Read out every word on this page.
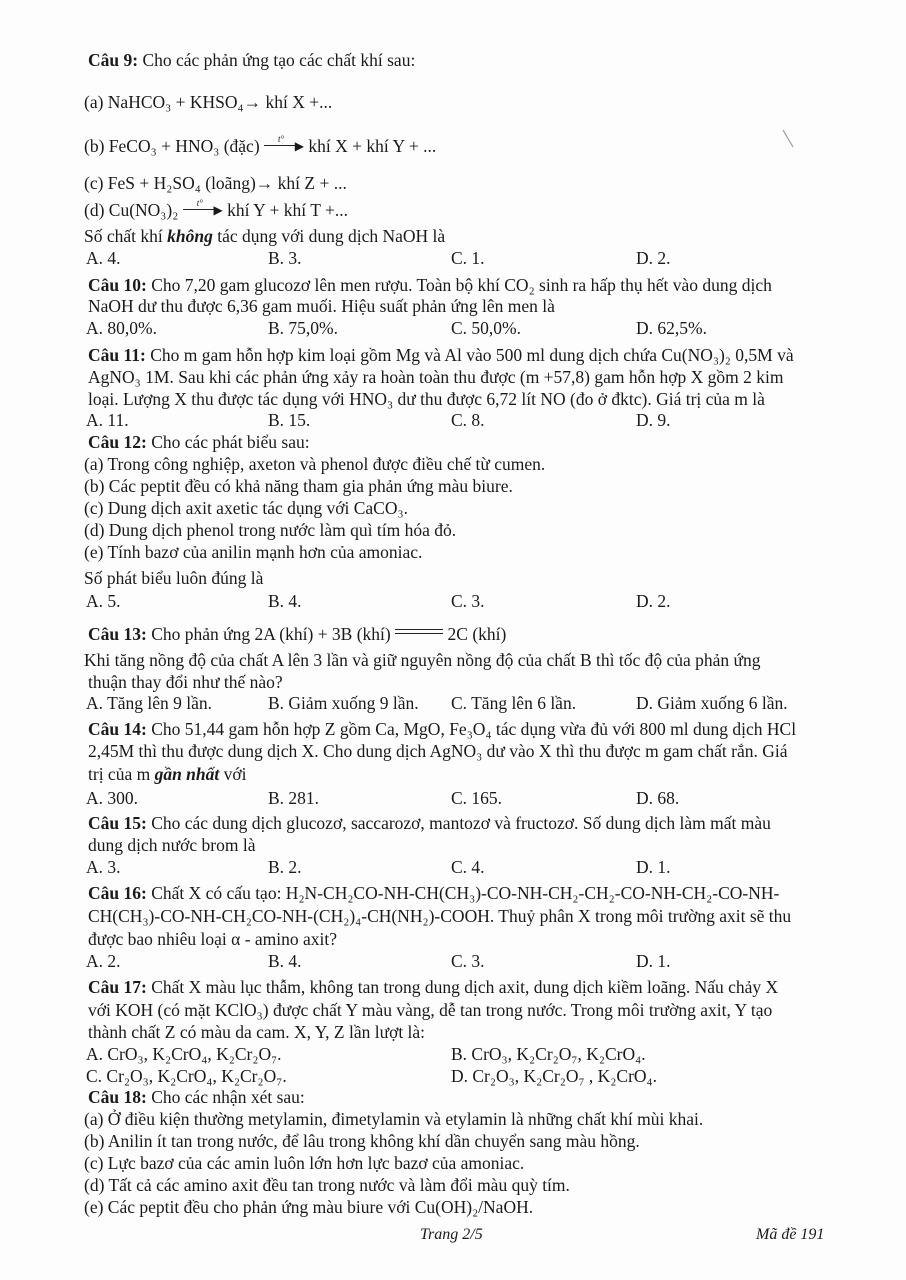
Câu 9: Cho các phản ứng tạo các chất khí sau:
(a) NaHCO₃ + KHSO₄→ khí X +...
(b) FeCO₃ + HNO₃ (đặc) t° ▶ khí X + khí Y + ...
(c) FeS + H₂SO₄ (loãng)→ khí Z + ...
(d) Cu(NO₃)₂ t° ▶ khí Y + khí T +...
Số chất khí không tác dụng với dung dịch NaOH là
A. 4.	B. 3.	C. 1.	D. 2.
Câu 10: Cho 7,20 gam glucozơ lên men rượu. Toàn bộ khí CO₂ sinh ra hấp thụ hết vào dung dịch
NaOH dư thu được 6,36 gam muối. Hiệu suất phản ứng lên men là
A. 80,0%.	B. 75,0%.	C. 50,0%.	D. 62,5%.
Câu 11: Cho m gam hỗn hợp kim loại gồm Mg và Al vào 500 ml dung dịch chứa Cu(NO₃)₂ 0,5M và
AgNO₃ 1M. Sau khi các phản ứng xảy ra hoàn toàn thu được (m +57,8) gam hỗn hợp X gồm 2 kim
loại. Lượng X thu được tác dụng với HNO₃ dư thu được 6,72 lít NO (đo ở đktc). Giá trị của m là
A. 11.	B. 15.	C. 8.	D. 9.
Câu 12: Cho các phát biểu sau:
(a) Trong công nghiệp, axeton và phenol được điều chế từ cumen.
(b) Các peptit đều có khả năng tham gia phản ứng màu biure.
(c) Dung dịch axit axetic tác dụng với CaCO₃.
(d) Dung dịch phenol trong nước làm quì tím hóa đỏ.
(e) Tính bazơ của anilin mạnh hơn của amoniac.
Số phát biểu luôn đúng là
A. 5.	B. 4.	C. 3.	D. 2.
Câu 13: Cho phản ứng 2A (khí) + 3B (khí)	2C (khí)
Khi tăng nồng độ của chất A lên 3 lần và giữ nguyên nồng độ của chất B thì tốc độ của phản ứng
thuận thay đổi như thế nào?
A. Tăng lên 9 lần.	B. Giảm xuống 9 lần. C. Tăng lên 6 lần.	D. Giảm xuống 6 lần.
Câu 14: Cho 51,44 gam hỗn hợp Z gồm Ca, MgO, Fe₃O₄ tác dụng vừa đủ với 800 ml dung dịch HCl
2,45M thì thu được dung dịch X. Cho dung dịch AgNO₃ dư vào X thì thu được m gam chất rắn. Giá
trị của m gần nhất với
A. 300.	B. 281.	C. 165.	D. 68.
Câu 15: Cho các dung dịch glucozơ, saccarozơ, mantozơ và fructozơ. Số dung dịch làm mất màu
dung dịch nước brom là
A. 3.	B. 2.	C. 4.	D. 1.
Câu 16: Chất X có cấu tạo: H₂N-CH₂CO-NH-CH(CH₃)-CO-NH-CH₂-CH₂-CO-NH-CH₂-CO-NH-
CH(CH₃)-CO-NH-CH₂CO-NH-(CH₂)₄-CH(NH₂)-COOH. Thuỷ phân X trong môi trường axit sẽ thu
được bao nhiêu loại α - amino axit?
A. 2.	B. 4.	C. 3.	D. 1.
Câu 17: Chất X màu lục thẫm, không tan trong dung dịch axit, dung dịch kiềm loãng. Nấu chảy X
với KOH (có mặt KClO₃) được chất Y màu vàng, dễ tan trong nước. Trong môi trường axit, Y tạo
thành chất Z có màu da cam. X, Y, Z lần lượt là:
A. CrO₃, K₂CrO₄, K₂Cr₂O₇.	B. CrO₃, K₂Cr₂O₇, K₂CrO₄.
C. Cr₂O₃, K₂CrO₄, K₂Cr₂O₇.	D. Cr₂O₃, K₂Cr₂O₇ , K₂CrO₄.
Câu 18: Cho các nhận xét sau:
(a) Ở điều kiện thường metylamin, đimetylamin và etylamin là những chất khí mùi khai.
(b) Anilin ít tan trong nước, để lâu trong không khí dần chuyển sang màu hồng.
(c) Lực bazơ của các amin luôn lớn hơn lực bazơ của amoniac.
(d) Tất cả các amino axit đều tan trong nước và làm đổi màu quỳ tím.
(e) Các peptit đều cho phản ứng màu biure với Cu(OH)₂/NaOH.
Trang 2/5	Mã đề 191
